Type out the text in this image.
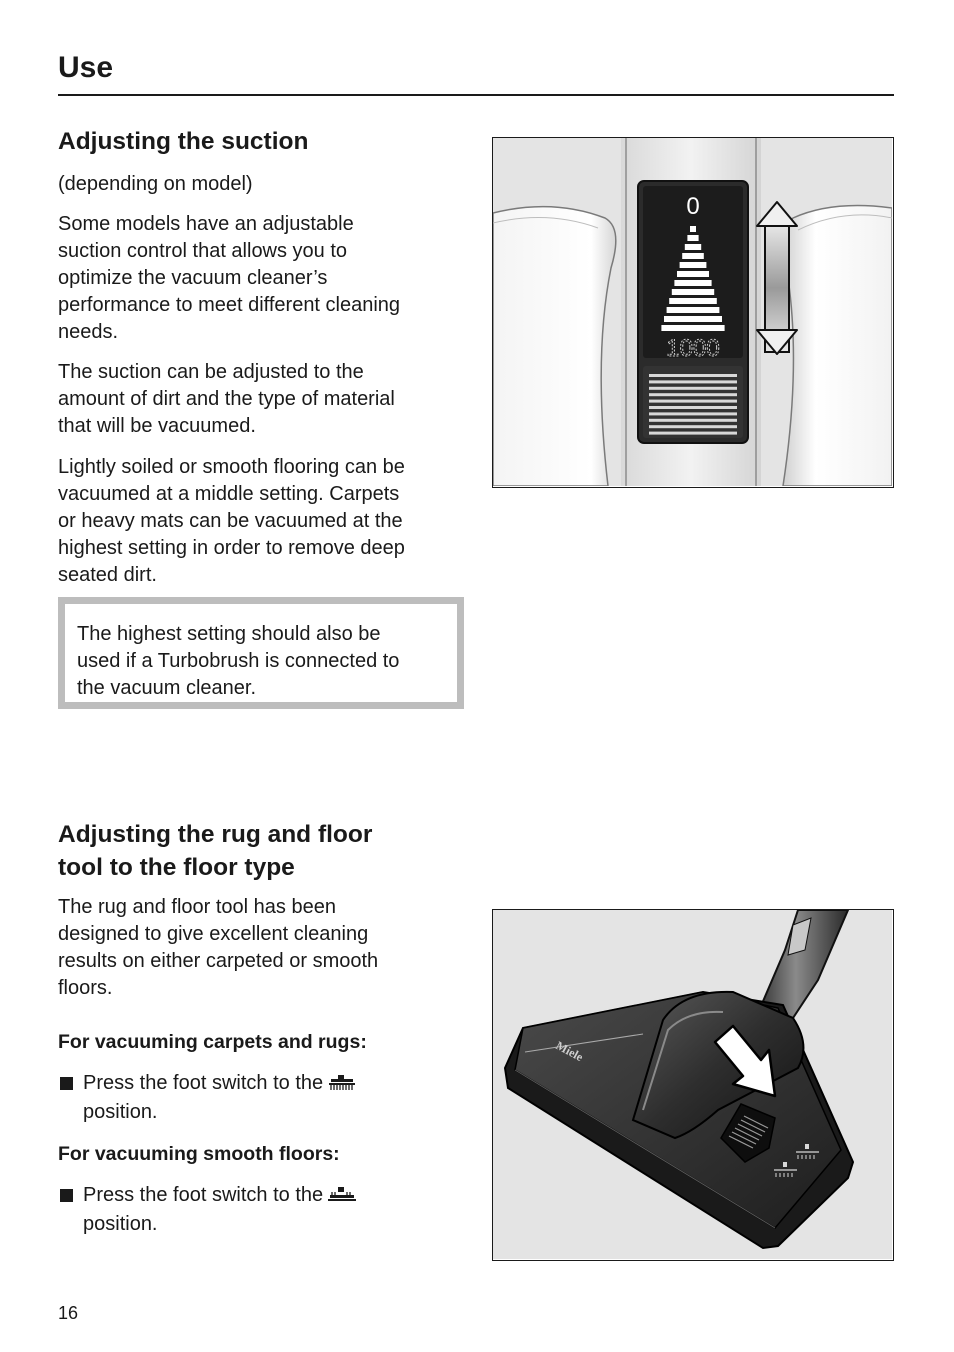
Use
Adjusting the suction

(depending on model)

Some models have an adjustable

suction control that allows you to

optimize the vacuum cleaner’s

performance to meet different cleaning

needs.

The suction can be adjusted to the

amount of dirt and the type of material

that will be vacuumed.

Lightly soiled or smooth flooring can be

vacuumed at a middle setting. Carpets

or heavy mats can be vacuumed at the

highest setting in order to remove deep

seated dirt.

The highest setting should also be
used if a Turbobrush is connected to
the vacuum cleaner.
0
1000
Adjusting the rug and floor
tool to the floor type

The rug and floor tool has been

designed to give excellent cleaning

results on either carpeted or smooth

floors.

For vacuuming carpets and rugs:

Press the foot switch to the

position.

For vacuuming smooth floors:

Press the foot switch to the

position.

Miele
16
